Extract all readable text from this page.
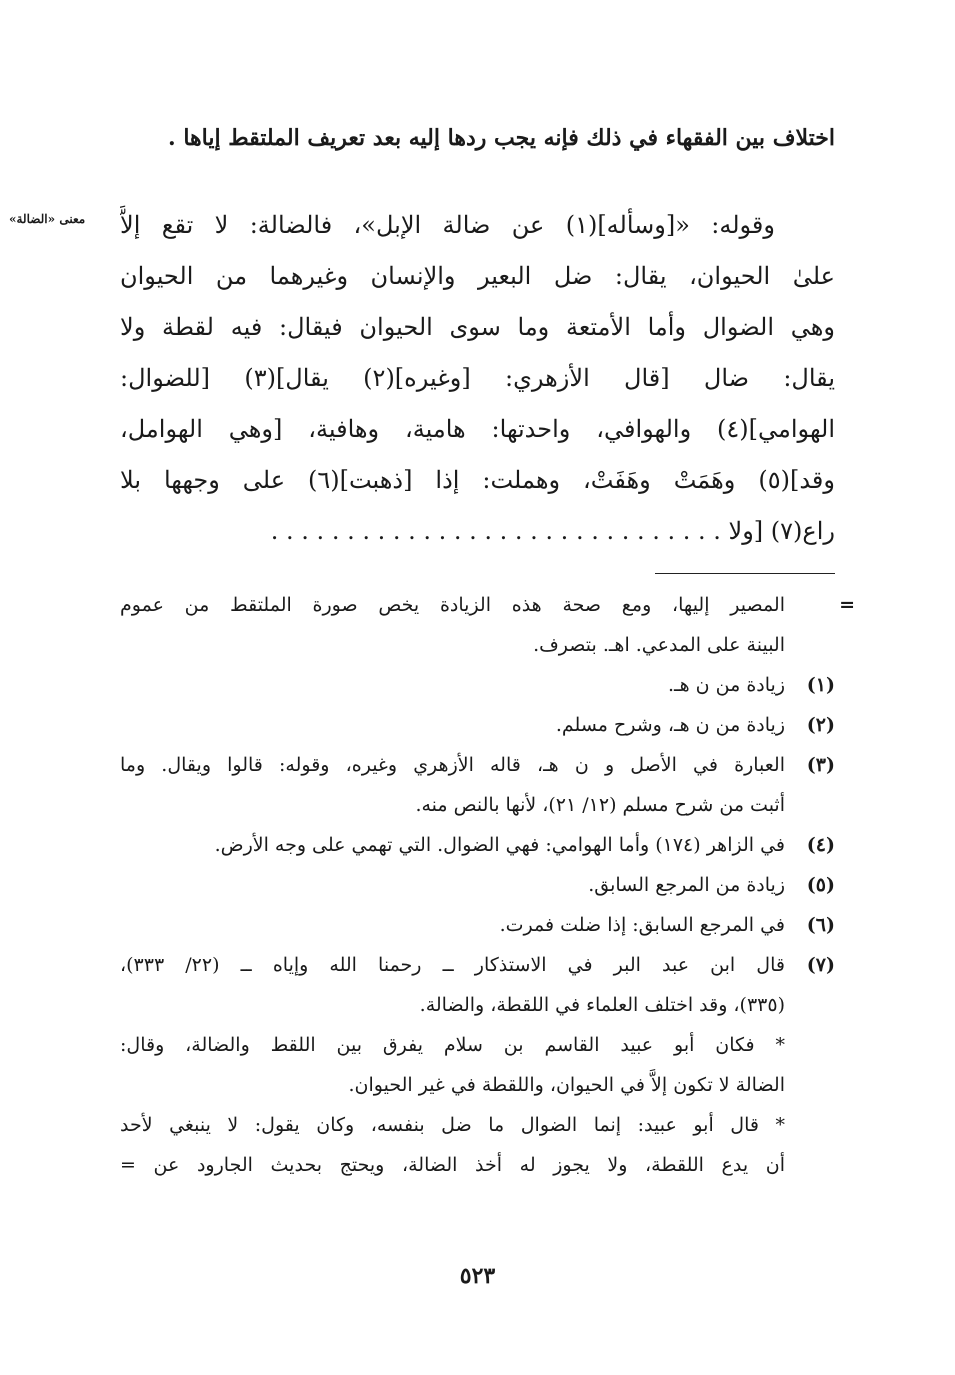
اختلاف بين الفقهاء في ذلك فإنه يجب ردها إليه بعد تعريف الملتقط إياها .
معنى «الضالة»	وقوله: «[وسأله](١) عن ضالة الإبل»، فالضالة: لا تقع إلاَّ
علىٰ الحيوان، يقال: ضل البعير والإنسان وغيرهما من الحيوان
وهي الضوال وأما الأمتعة وما سوى الحيوان فيقال: فيه لقطة ولا
يقال: ضال [قال الأزهري: [وغيره](٢) يقال](٣) [للضوال:
الهوامي](٤) والهوافي، واحدتها: هامية، وهافية، [وهي الهوامل،
وقد](٥) وهَمَتْ وهَفَتْ، وهملت: إذا [ذهبت](٦) على وجهها بلا
راع(٧) [ولا . . . . . . . . . . . . . . . . . . . . . . . . . . . . . .
=
المصير إليها، ومع صحة هذه الزيادة يخص صورة الملتقط من عموم
البينة على المدعي. اهـ. بتصرف.
(١)
زيادة من ن هـ.
(٢)
زيادة من ن هـ، وشرح مسلم.
(٣)
العبارة في الأصل و ن هـ، قاله الأزهري وغيره، وقوله: قالوا ويقال. وما
أثبت من شرح مسلم (١٢/ ٢١)، لأنها بالنص منه.
(٤)
في الزاهر (١٧٤) وأما الهوامي: فهي الضوال. التي تهمي على وجه الأرض.
(٥)
زيادة من المرجع السابق.
(٦)
في المرجع السابق: إذا ضلت فمرت.
(٧)
قال ابن عبد البر في الاستذكار ــ رحمنا الله وإياه ــ (٢٢/ ٣٣٣)،
(٣٣٥)، وقد اختلف العلماء في اللقطة، والضالة.
* فكان أبو عبيد القاسم بن سلام يفرق بين اللقط والضالة، وقال:
الضالة لا تكون إلاَّ في الحيوان، واللقطة في غير الحيوان.
* قال أبو عبيد: إنما الضوال ما ضل بنفسه، وكان يقول: لا ينبغي لأحد
أن يدع اللقطة، ولا يجوز له أخذ الضالة، ويحتج بحديث الجارود عن =
٥٢٣
